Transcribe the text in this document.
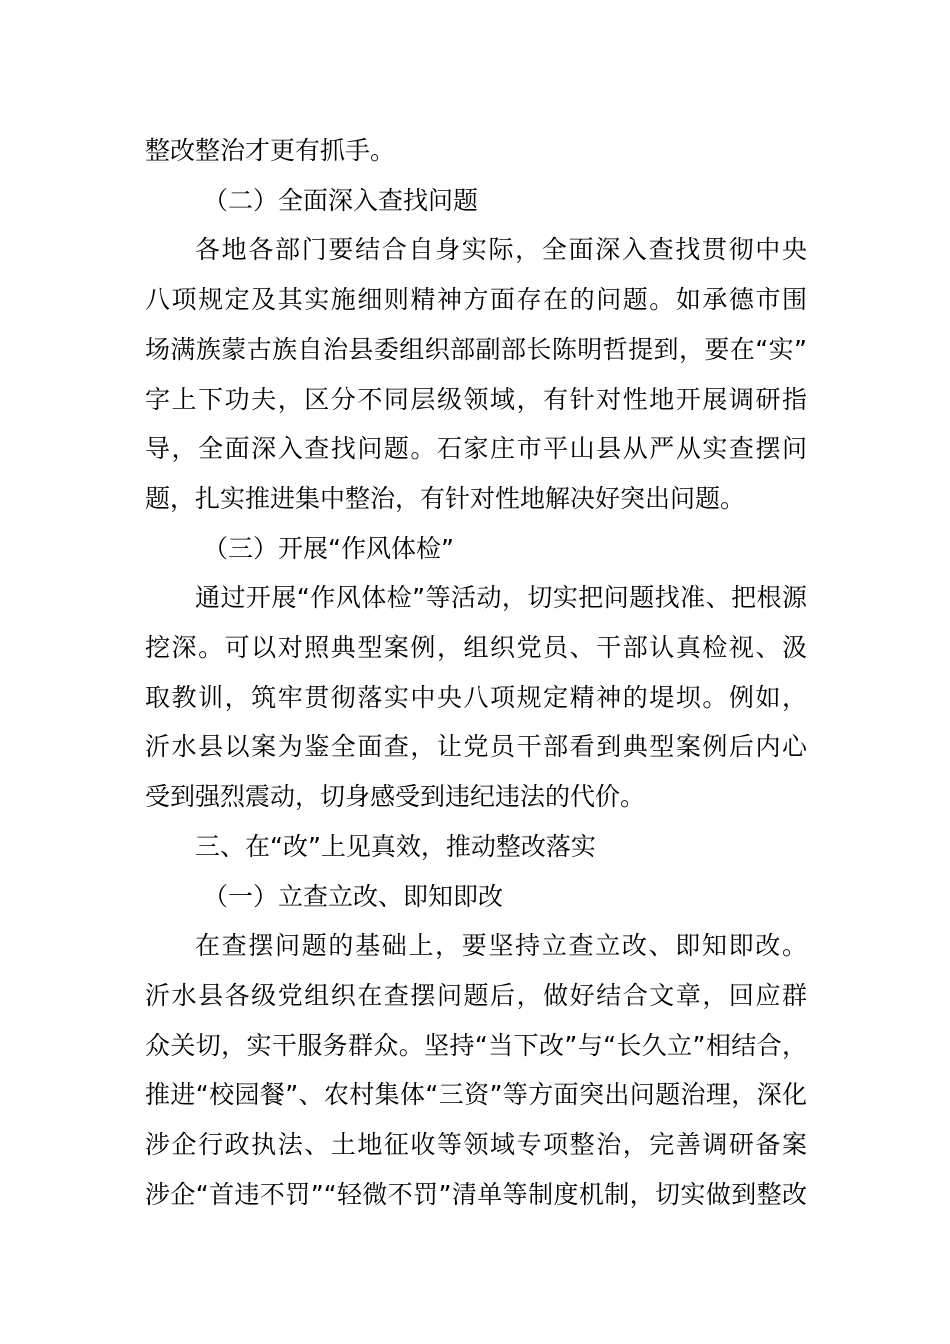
整改整治才更有抓手。

（二）全面深入查找问题

各地各部门要结合自身实际，全面深入查找贯彻中央
八项规定及其实施细则精神方面存在的问题。如承德市围
场满族蒙古族自治县委组织部副部长陈明哲提到，要在“实”
字上下功夫，区分不同层级领域，有针对性地开展调研指
导，全面深入查找问题。石家庄市平山县从严从实查摆问
题，扎实推进集中整治，有针对性地解决好突出问题。

（三）开展“作风体检”

通过开展“作风体检”等活动，切实把问题找准、把根源
挖深。可以对照典型案例，组织党员、干部认真检视、汲
取教训，筑牢贯彻落实中央八项规定精神的堤坝。例如，
沂水县以案为鉴全面查，让党员干部看到典型案例后内心
受到强烈震动，切身感受到违纪违法的代价。

三、在“改”上见真效，推动整改落实

（一）立查立改、即知即改

在查摆问题的基础上，要坚持立查立改、即知即改。
沂水县各级党组织在查摆问题后，做好结合文章，回应群
众关切，实干服务群众。坚持“当下改”与“长久立”相结合，
推进“校园餐”、农村集体“三资”等方面突出问题治理，深化
涉企行政执法、土地征收等领域专项整治，完善调研备案
涉企“首违不罚”“轻微不罚”清单等制度机制，切实做到整改
